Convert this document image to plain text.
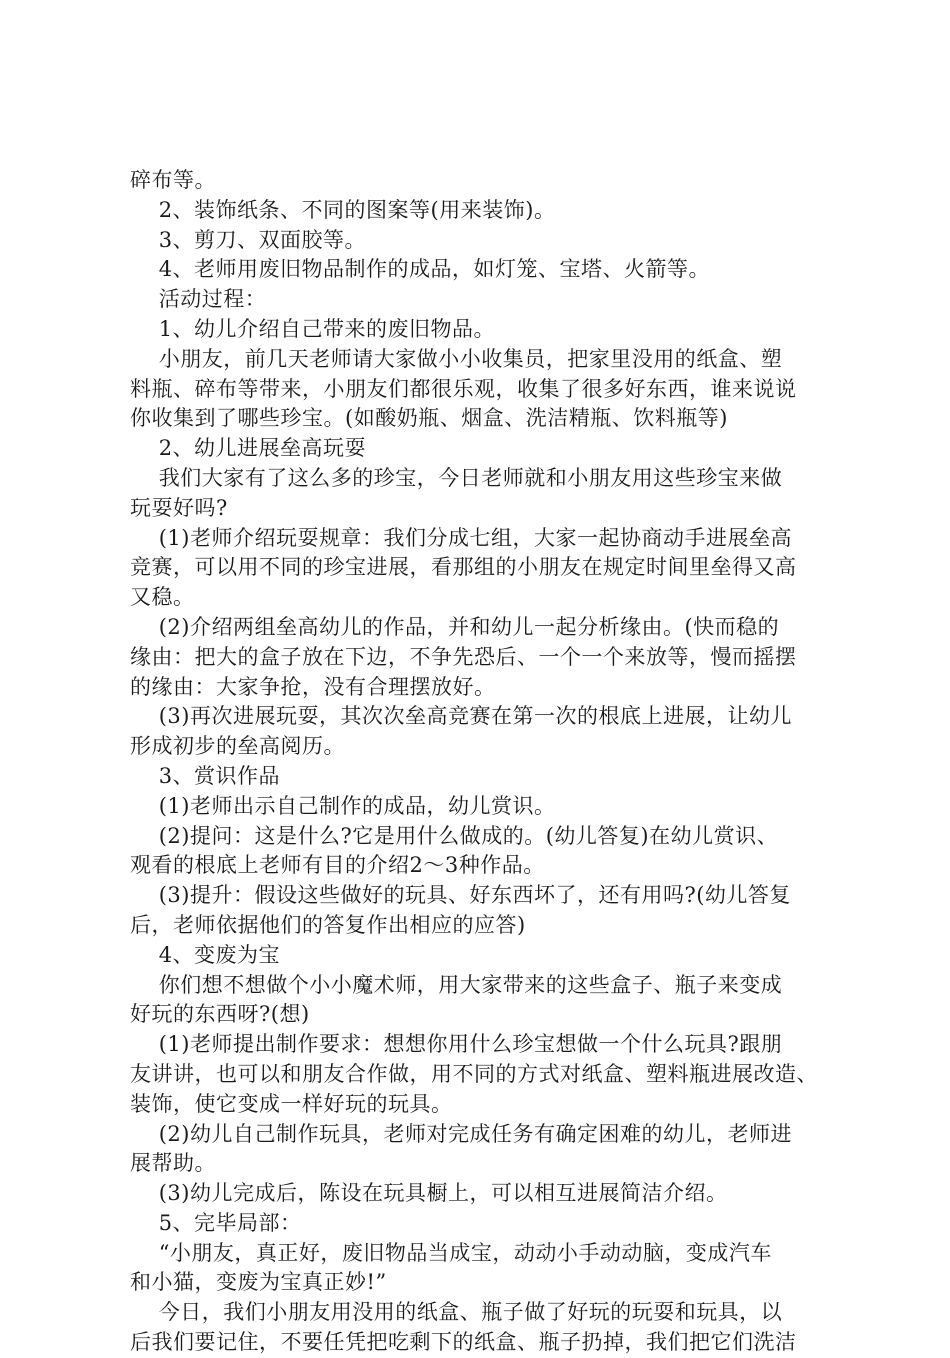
碎布等。
2、装饰纸条、不同的图案等(用来装饰)。
3、剪刀、双面胶等。
4、老师用废旧物品制作的成品，如灯笼、宝塔、火箭等。
活动过程：
1、幼儿介绍自己带来的废旧物品。
小朋友，前几天老师请大家做小小收集员，把家里没用的纸盒、塑
料瓶、碎布等带来，小朋友们都很乐观，收集了很多好东西，谁来说说
你收集到了哪些珍宝。(如酸奶瓶、烟盒、洗洁精瓶、饮料瓶等)
2、幼儿进展垒高玩耍
我们大家有了这么多的珍宝，今日老师就和小朋友用这些珍宝来做
玩耍好吗?
(1)老师介绍玩耍规章：我们分成七组，大家一起协商动手进展垒高
竞赛，可以用不同的珍宝进展，看那组的小朋友在规定时间里垒得又高
又稳。
(2)介绍两组垒高幼儿的作品，并和幼儿一起分析缘由。(快而稳的
缘由：把大的盒子放在下边，不争先恐后、一个一个来放等，慢而摇摆
的缘由：大家争抢，没有合理摆放好。
(3)再次进展玩耍，其次次垒高竞赛在第一次的根底上进展，让幼儿
形成初步的垒高阅历。
3、赏识作品
(1)老师出示自己制作的成品，幼儿赏识。
(2)提问：这是什么?它是用什么做成的。(幼儿答复)在幼儿赏识、
观看的根底上老师有目的介绍2～3种作品。
(3)提升：假设这些做好的玩具、好东西坏了，还有用吗?(幼儿答复
后，老师依据他们的答复作出相应的应答)
4、变废为宝
你们想不想做个小小魔术师，用大家带来的这些盒子、瓶子来变成
好玩的东西呀?(想)
(1)老师提出制作要求：想想你用什么珍宝想做一个什么玩具?跟朋
友讲讲，也可以和朋友合作做，用不同的方式对纸盒、塑料瓶进展改造、
装饰，使它变成一样好玩的玩具。
(2)幼儿自己制作玩具，老师对完成任务有确定困难的幼儿，老师进
展帮助。
(3)幼儿完成后，陈设在玩具橱上，可以相互进展简洁介绍。
5、完毕局部：
“小朋友，真正好，废旧物品当成宝，动动小手动动脑，变成汽车
和小猫，变废为宝真正妙!”
今日，我们小朋友用没用的纸盒、瓶子做了好玩的玩耍和玩具，以
后我们要记住，不要任凭把吃剩下的纸盒、瓶子扔掉，我们把它们洗洁
